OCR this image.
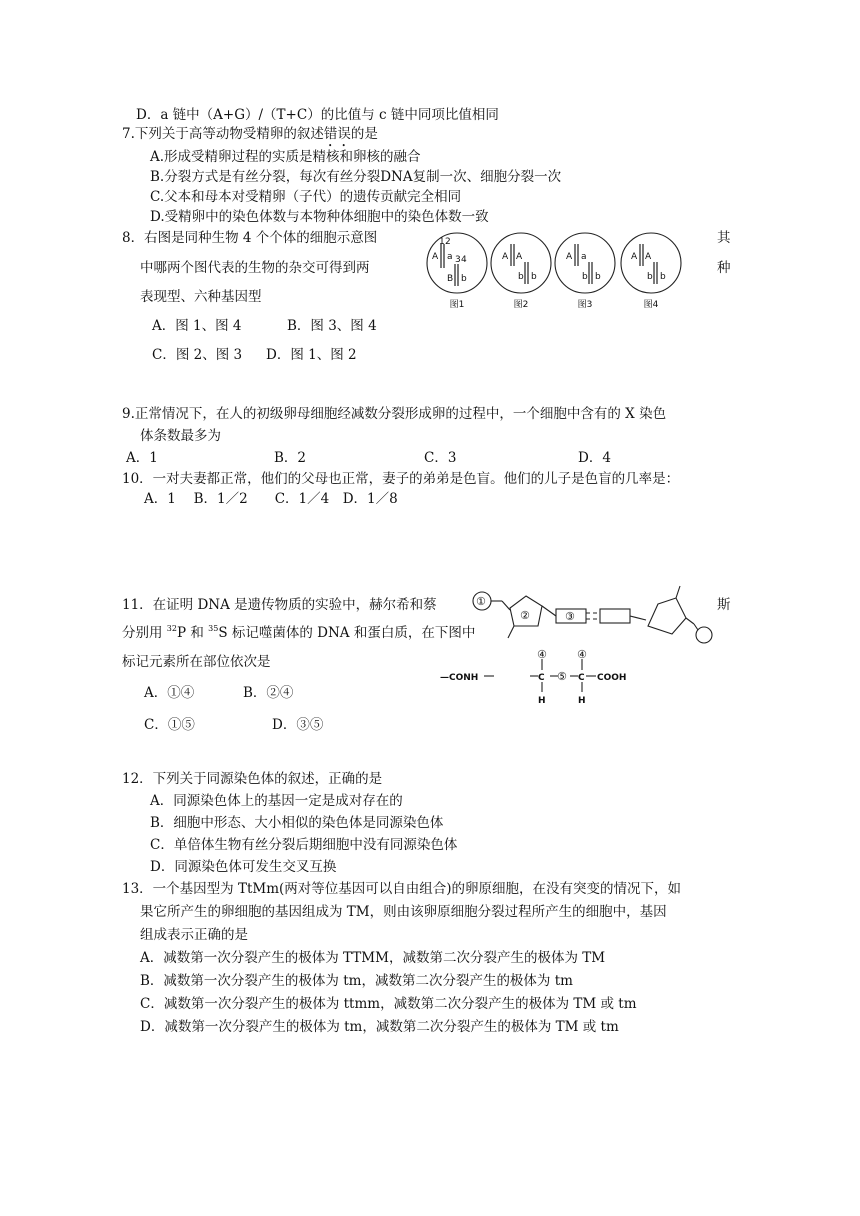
D．a 链中（A+G）/（T+C）的比值与 c 链中同项比值相同
7.下列关于高等动物受精卵的叙述错误的是
A.形成受精卵过程的实质是精核和卵核的融合
B.分裂方式是有丝分裂，每次有丝分裂DNA复制一次、细胞分裂一次
C.父本和母本对受精卵（子代）的遗传贡献完全相同
D.受精卵中的染色体数与本物种体细胞中的染色体数一致
8．右图是同种生物 4 个个体的细胞示意图	其
中哪两个图代表的生物的杂交可得到两	种
表现型、六种基因型
A．图 1、图 4	B．图 3、图 4
C．图 2、图 3 D．图 1、图 2
1 2
3 4
A a
B b
A A
b b
A a
b b
A A
b b
图1	图2	图3	图4
9.正常情况下，在人的初级卵母细胞经减数分裂形成卵的过程中，一个细胞中含有的 X 染色
体条数最多为
A．1	B．2	C．3	D．4
10．一对夫妻都正常，他们的父母也正常，妻子的弟弟是色盲。他们的儿子是色盲的几率是：
A．1　 B．1／2　　C．1／4　D．1／8
11．在证明 DNA 是遗传物质的实验中，赫尔希和蔡	斯
分别用 $^{32}$P 和 $^{35}$S 标记噬菌体的 DNA 和蛋白质，在下图中
标记元素所在部位依次是
A．①④	B．②④
C．①⑤	D．③⑤
①
②	③
④	④
⑤
—CONH	C	C COOH
H	H
12．下列关于同源染色体的叙述，正确的是
A．同源染色体上的基因一定是成对存在的
B．细胞中形态、大小相似的染色体是同源染色体
C．单倍体生物有丝分裂后期细胞中没有同源染色体
D．同源染色体可发生交叉互换
13．一个基因型为 TtMm(两对等位基因可以自由组合)的卵原细胞，在没有突变的情况下，如
果它所产生的卵细胞的基因组成为 TM，则由该卵原细胞分裂过程所产生的细胞中，基因
组成表示正确的是
A．减数第一次分裂产生的极体为 TTMM，减数第二次分裂产生的极体为 TM
B．减数第一次分裂产生的极体为 tm，减数第二次分裂产生的极体为 tm
C．减数第一次分裂产生的极体为 ttmm，减数第二次分裂产生的极体为 TM 或 tm
D．减数第一次分裂产生的极体为 tm，减数第二次分裂产生的极体为 TM 或 tm
